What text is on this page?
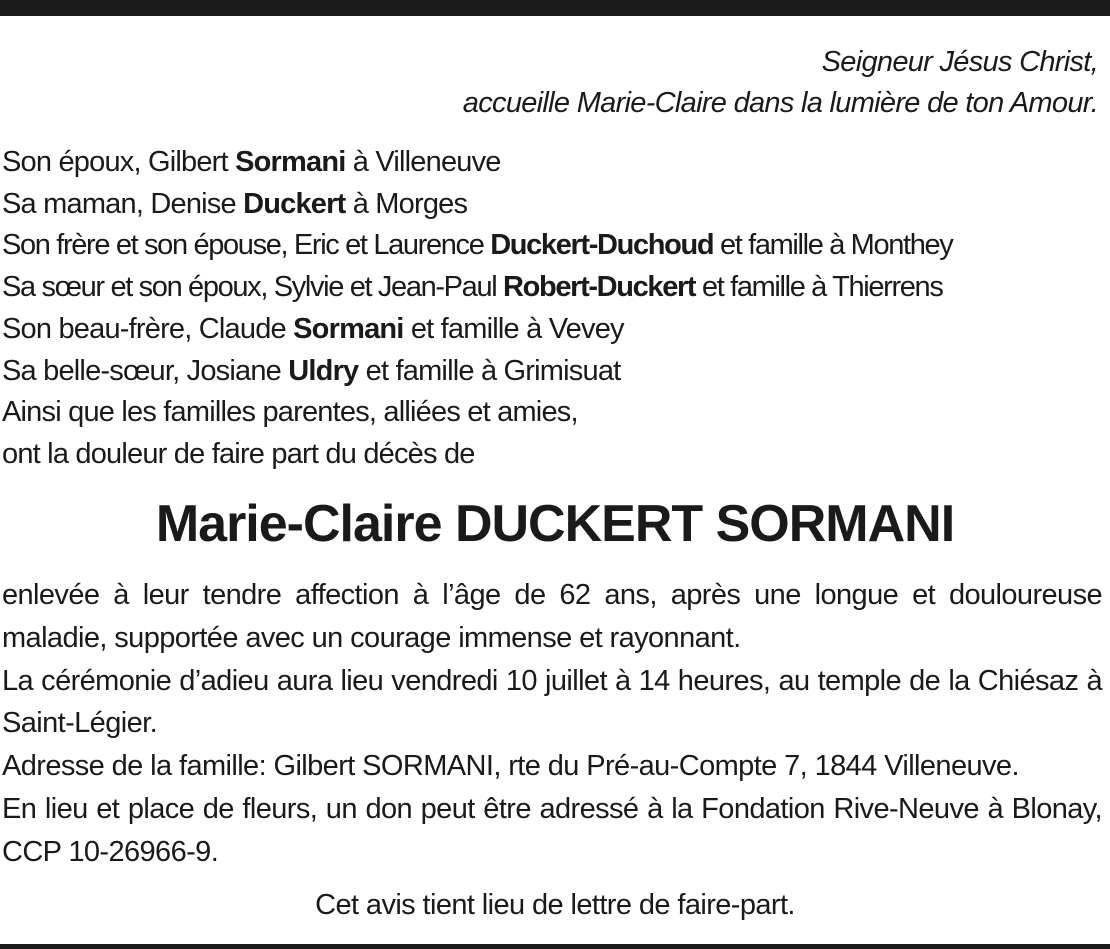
Seigneur Jésus Christ,
accueille Marie-Claire dans la lumière de ton Amour.
Son époux, Gilbert Sormani à Villeneuve
Sa maman, Denise Duckert à Morges
Son frère et son épouse, Eric et Laurence Duckert-Duchoud et famille à Monthey
Sa sœur et son époux, Sylvie et Jean-Paul Robert-Duckert et famille à Thierrens
Son beau-frère, Claude Sormani et famille à Vevey
Sa belle-sœur, Josiane Uldry et famille à Grimisuat
Ainsi que les familles parentes, alliées et amies,
ont la douleur de faire part du décès de
Marie-Claire DUCKERT SORMANI

enlevée à leur tendre affection à l’âge de 62 ans, après une longue et douloureuse maladie, supportée avec un courage immense et rayonnant.

La cérémonie d’adieu aura lieu vendredi 10 juillet à 14 heures, au temple de la Chiésaz à Saint-Légier.

Adresse de la famille: Gilbert SORMANI, rte du Pré-au-Compte 7, 1844 Villeneuve.

En lieu et place de fleurs, un don peut être adressé à la Fondation Rive-Neuve à Blonay, CCP 10-26966-9.

Cet avis tient lieu de lettre de faire-part.
